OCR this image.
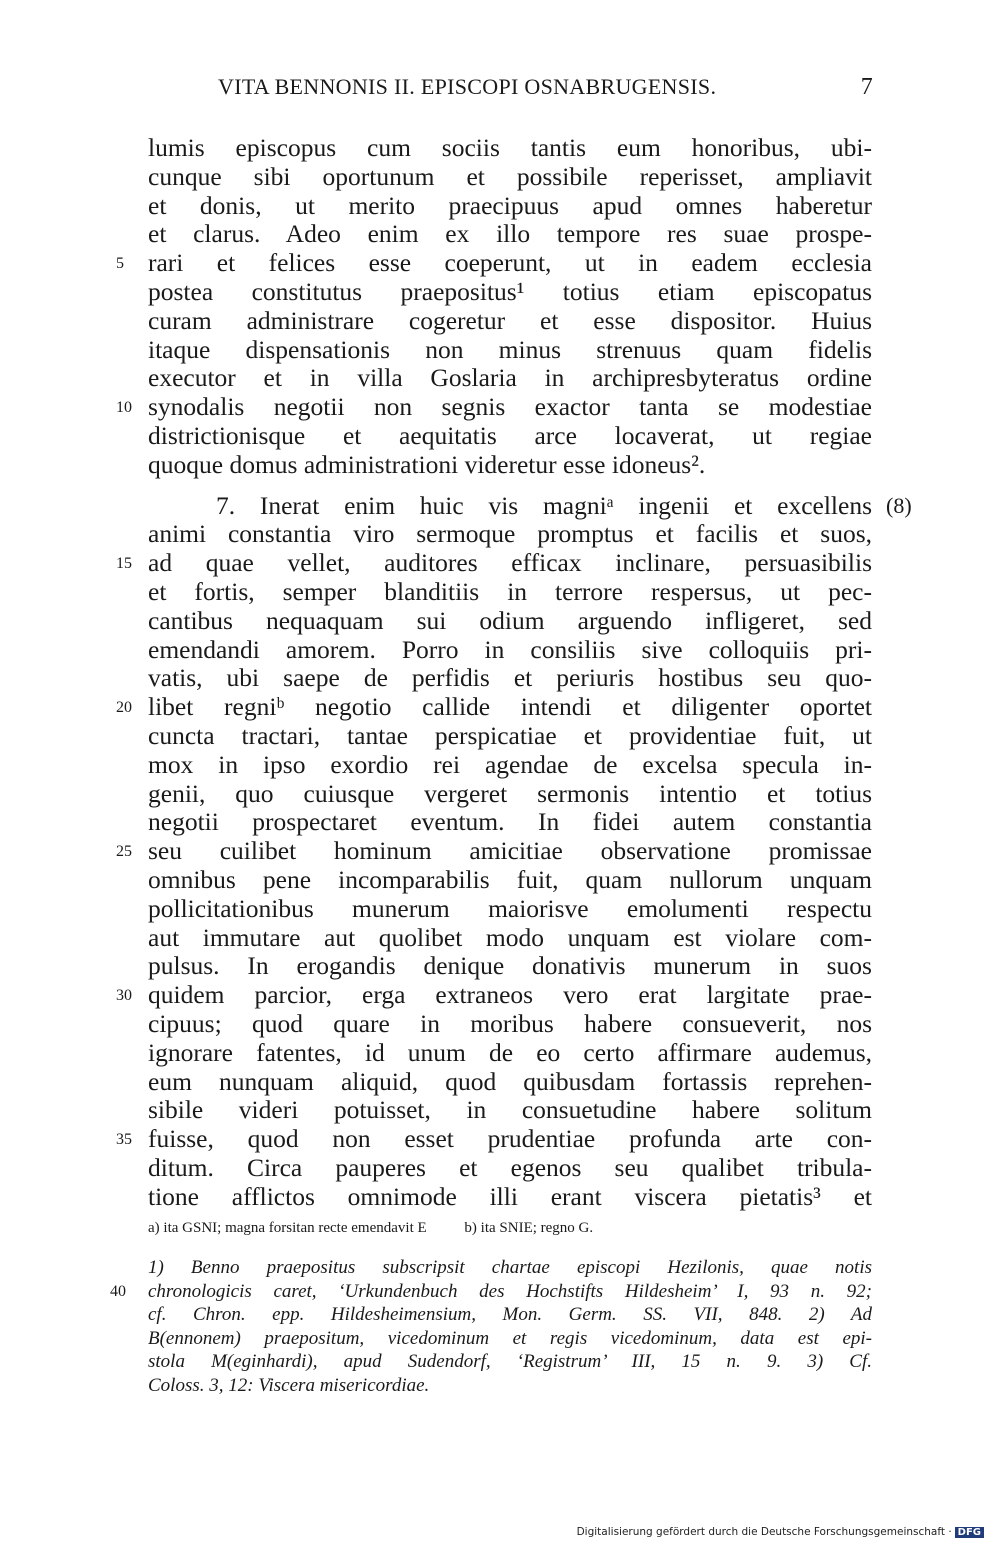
VITA BENNONIS II. EPISCOPI OSNABRUGENSIS.	7
lumis episcopus cum sociis tantis eum honoribus, ubi-
cunque sibi oportunum et possibile reperisset, ampliavit
et donis, ut merito praecipuus apud omnes haberetur
et clarus. Adeo enim ex illo tempore res suae prospe-
rari et felices esse coeperunt, ut in eadem ecclesia
5
postea constitutus praepositus¹ totius etiam episcopatus
curam administrare cogeretur et esse dispositor. Huius
itaque dispensationis non minus strenuus quam fidelis
executor et in villa Goslaria in archipresbyteratus ordine
synodalis negotii non segnis exactor tanta se modestiae
10
districtionisque et aequitatis arce locaverat, ut regiae
quoque domus administrationi videretur esse idoneus².
7. Inerat enim huic vis magniᵃ ingenii et excellens (8)
animi constantia viro sermoque promptus et facilis et suos,
ad quae vellet, auditores efficax inclinare, persuasibilis
15
et fortis, semper blanditiis in terrore respersus, ut pec-
cantibus nequaquam sui odium arguendo infligeret, sed
emendandi amorem. Porro in consiliis sive colloquiis pri-
vatis, ubi saepe de perfidis et periuris hostibus seu quo-
libet regniᵇ negotio callide intendi et diligenter oportet
20
cuncta tractari, tantae perspicatiae et providentiae fuit, ut
mox in ipso exordio rei agendae de excelsa specula in-
genii, quo cuiusque vergeret sermonis intentio et totius
negotii prospectaret eventum. In fidei autem constantia
seu cuilibet hominum amicitiae observatione promissae
25
omnibus pene incomparabilis fuit, quam nullorum unquam
pollicitationibus munerum maiorisve emolumenti respectu
aut immutare aut quolibet modo unquam est violare com-
pulsus. In erogandis denique donativis munerum in suos
quidem parcior, erga extraneos vero erat largitate prae-
30
cipuus; quod quare in moribus habere consueverit, nos
ignorare fatentes, id unum de eo certo affirmare audemus,
eum nunquam aliquid, quod quibusdam fortassis reprehen-
sibile videri potuisset, in consuetudine habere solitum
fuisse, quod non esset prudentiae profunda arte con-
35
ditum. Circa pauperes et egenos seu qualibet tribula-
tione afflictos omnimode illi erant viscera pietatis³ et
a) ita GSNI; magna forsitan recte emendavit E	b) ita SNIE; regno G.
1) Benno praepositus subscripsit chartae episcopi Hezilonis, quae notis
chronologicis caret, ‘Urkundenbuch des Hochstifts Hildesheim’ I, 93 n. 92;
40
cf. Chron. epp. Hildesheimensium, Mon. Germ. SS. VII, 848. 2) Ad
B(ennonem) praepositum, vicedominum et regis vicedominum, data est epi-
stola M(eginhardi), apud Sudendorf, ‘Registrum’ III, 15 n. 9. 3) Cf.
Coloss. 3, 12: Viscera misericordiae.
Digitalisierung gefördert durch die Deutsche Forschungsgemeinschaft · DFG
